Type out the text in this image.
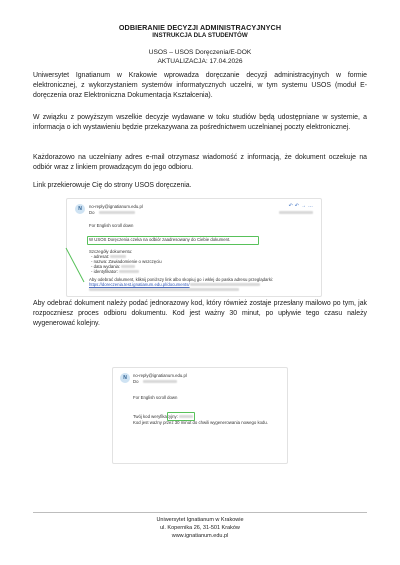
ODBIERANIE DECYZJI ADMINISTRACYJNYCH
INSTRUKCJA DLA STUDENTÓW
USOS – USOS Doręczenia/E-DOK
AKTUALIZACJA: 17.04.2026
Uniwersytet Ignatianum w Krakowie wprowadza doręczanie decyzji administracyjnych w formie elektronicznej, z wykorzystaniem systemów informatycznych uczelni, w tym systemu USOS (moduł E-doręczenia oraz Elektroniczna Dokumentacja Kształcenia).
W związku z powyższym wszelkie decyzje wydawane w toku studiów będą udostępniane w systemie, a informacja o ich wystawieniu będzie przekazywana za pośrednictwem uczelnianej poczty elektronicznej.
Każdorazowo na uczelniany adres e-mail otrzymasz wiadomość z informacją, że dokument oczekuje na odbiór wraz z linkiem prowadzącym do jego odbioru.
Link przekierowuje Cię do strony USOS doręczenia.
N	no-reply@ignatianum.edu.pl
Do
↶↶→…
For English scroll down
W USOS Doręczenia czeka na odbiór zaadresowany do Ciebie dokument.
Szczegóły dokumentu:
- adresat:
- nazwa: Zawiadomienie o wszczęciu
- data wydania:
- identyfikator:
Aby odebrać dokument, kliknij poniższy link albo skopiuj go i wklej do paska adresu przeglądarki:
https://doreczenia.test.ignatianum.edu.pl/documents/
Aby odebrać dokument należy podać jednorazowy kod, który również zostaje przesłany mailowo po tym, jak rozpoczniesz proces odbioru dokumentu. Kod jest ważny 30 minut, po upływie tego czasu należy wygenerować kolejny.
N	no-reply@ignatianum.edu.pl
Do
For English scroll down
Twój kod weryfikacyjny:
Kod jest ważny przez 30 minut do chwili wygenerowania nowego kodu.
Uniwersytet Ignatianum w Krakowie
ul. Kopernika 26, 31-501 Kraków
www.ignatianum.edu.pl
